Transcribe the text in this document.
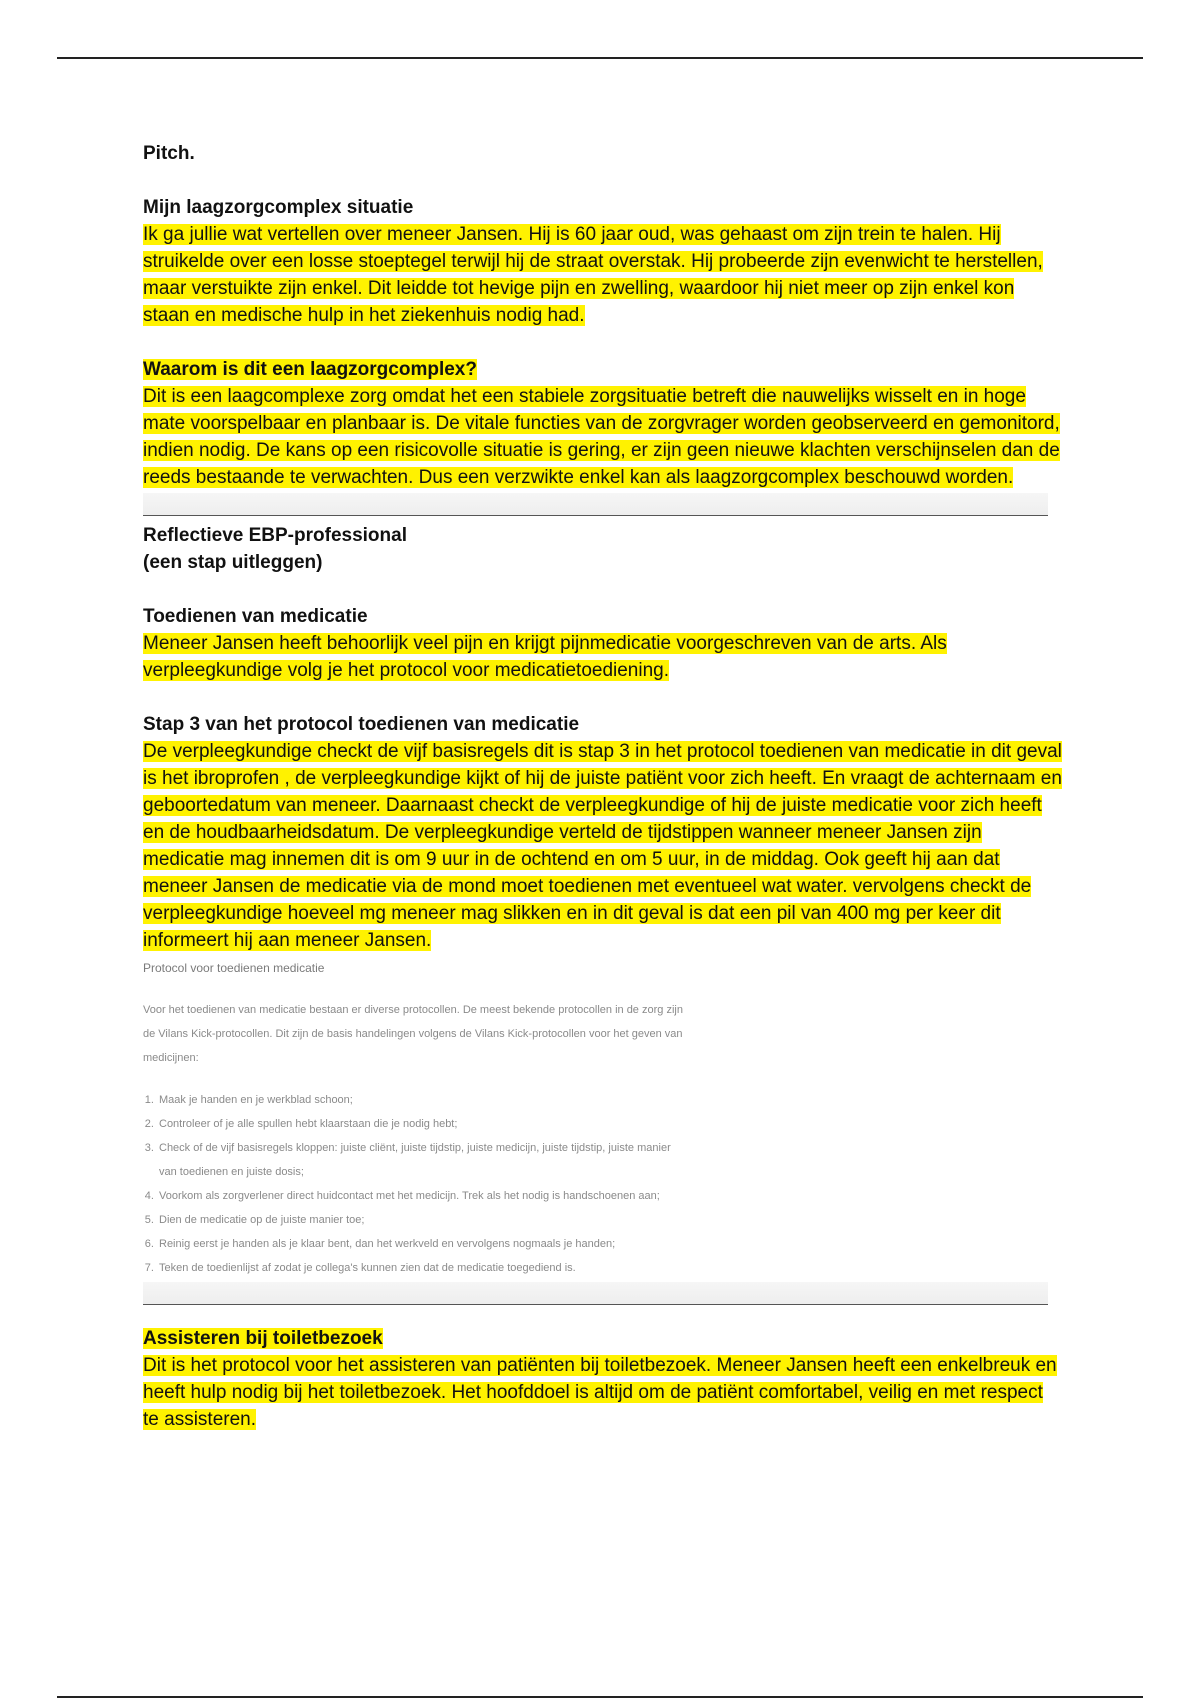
Pitch.

Mijn laagzorgcomplex situatie

Ik ga jullie wat vertellen over meneer Jansen. Hij is 60 jaar oud, was gehaast om zijn trein te halen. Hij struikelde over een losse stoeptegel terwijl hij de straat overstak. Hij probeerde zijn evenwicht te herstellen, maar verstuikte zijn enkel. Dit leidde tot hevige pijn en zwelling, waardoor hij niet meer op zijn enkel kon staan en medische hulp in het ziekenhuis nodig had.

Waarom is dit een laagzorgcomplex?

Dit is een laagcomplexe zorg omdat het een stabiele zorgsituatie betreft die nauwelijks wisselt en in hoge mate voorspelbaar en planbaar is. De vitale functies van de zorgvrager worden geobserveerd en gemonitord, indien nodig. De kans op een risicovolle situatie is gering, er zijn geen nieuwe klachten verschijnselen dan de reeds bestaande te verwachten. Dus een verzwikte enkel kan als laagzorgcomplex beschouwd worden.

Reflectieve EBP-professional

(een stap uitleggen)

Toedienen van medicatie

Meneer Jansen heeft behoorlijk veel pijn en krijgt pijnmedicatie voorgeschreven van de arts. Als verpleegkundige volg je het protocol voor medicatietoediening.

Stap 3 van het protocol toedienen van medicatie

De verpleegkundige checkt de vijf basisregels dit is stap 3 in het protocol toedienen van medicatie in dit geval is het ibroprofen , de verpleegkundige kijkt of hij de juiste patiënt voor zich heeft. En vraagt de achternaam en geboortedatum van meneer. Daarnaast checkt de verpleegkundige of hij de juiste medicatie voor zich heeft en de houdbaarheidsdatum. De verpleegkundige verteld de tijdstippen wanneer meneer Jansen zijn medicatie mag innemen dit is om 9 uur in de ochtend en om 5 uur, in de middag. Ook geeft hij aan dat meneer Jansen de medicatie via de mond moet toedienen met eventueel wat water. vervolgens checkt de verpleegkundige hoeveel mg meneer mag slikken en in dit geval is dat een pil van 400 mg per keer dit informeert hij aan meneer Jansen.

Protocol voor toedienen medicatie
Voor het toedienen van medicatie bestaan er diverse protocollen. De meest bekende protocollen in de zorg zijn de Vilans Kick-protocollen. Dit zijn de basis handelingen volgens de Vilans Kick-protocollen voor het geven van medicijnen:
1. Maak je handen en je werkblad schoon;
2. Controleer of je alle spullen hebt klaarstaan die je nodig hebt;
3. Check of de vijf basisregels kloppen: juiste cliënt, juiste tijdstip, juiste medicijn, juiste tijdstip, juiste manier van toedienen en juiste dosis;
4. Voorkom als zorgverlener direct huidcontact met het medicijn. Trek als het nodig is handschoenen aan;
5. Dien de medicatie op de juiste manier toe;
6. Reinig eerst je handen als je klaar bent, dan het werkveld en vervolgens nogmaals je handen;
7. Teken de toedienlijst af zodat je collega's kunnen zien dat de medicatie toegediend is.

Assisteren bij toiletbezoek

Dit is het protocol voor het assisteren van patiënten bij toiletbezoek. Meneer Jansen heeft een enkelbreuk en heeft hulp nodig bij het toiletbezoek. Het hoofddoel is altijd om de patiënt comfortabel, veilig en met respect te assisteren.
